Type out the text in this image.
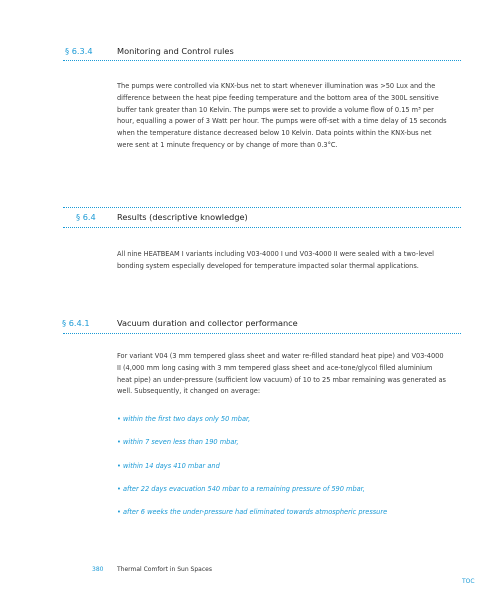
§ 6.3.4	Monitoring and Control rules

The pumps were controlled via KNX-bus net to start whenever illumination was >50 Lux and the difference between the heat pipe feeding temperature and the bottom area of the 300L sensitive buffer tank greater than 10 Kelvin. The pumps were set to provide a volume flow of 0.15 m³ per hour, equalling a power of 3 Watt per hour. The pumps were off-set with a time delay of 15 seconds when the temperature distance decreased below 10 Kelvin. Data points within the KNX-bus net were sent at 1 minute frequency or by change of more than 0.3°C.

§ 6.4	Results (descriptive knowledge)

All nine HEATBEAM I variants including V03-4000 I und V03-4000 II were sealed with a two-level bonding system especially developed for temperature impacted solar thermal applications.

§ 6.4.1	Vacuum duration and collector performance

For variant V04 (3 mm tempered glass sheet and water re-filled standard heat pipe) and V03-4000 II (4,000 mm long casing with 3 mm tempered glass sheet and ace-tone/glycol filled aluminium heat pipe) an under-pressure (sufficient low vacuum) of 10 to 25 mbar remaining was generated as well. Subsequently, it changed on average:

• within the first two days only 50 mbar,

• within 7 seven less than 190 mbar,

• within 14 days 410 mbar and

• after 22 days evacuation 540 mbar to a remaining pressure of 590 mbar,

• after 6 weeks the under-pressure had eliminated towards atmospheric pressure

380 Thermal Comfort in Sun Spaces
TOC
